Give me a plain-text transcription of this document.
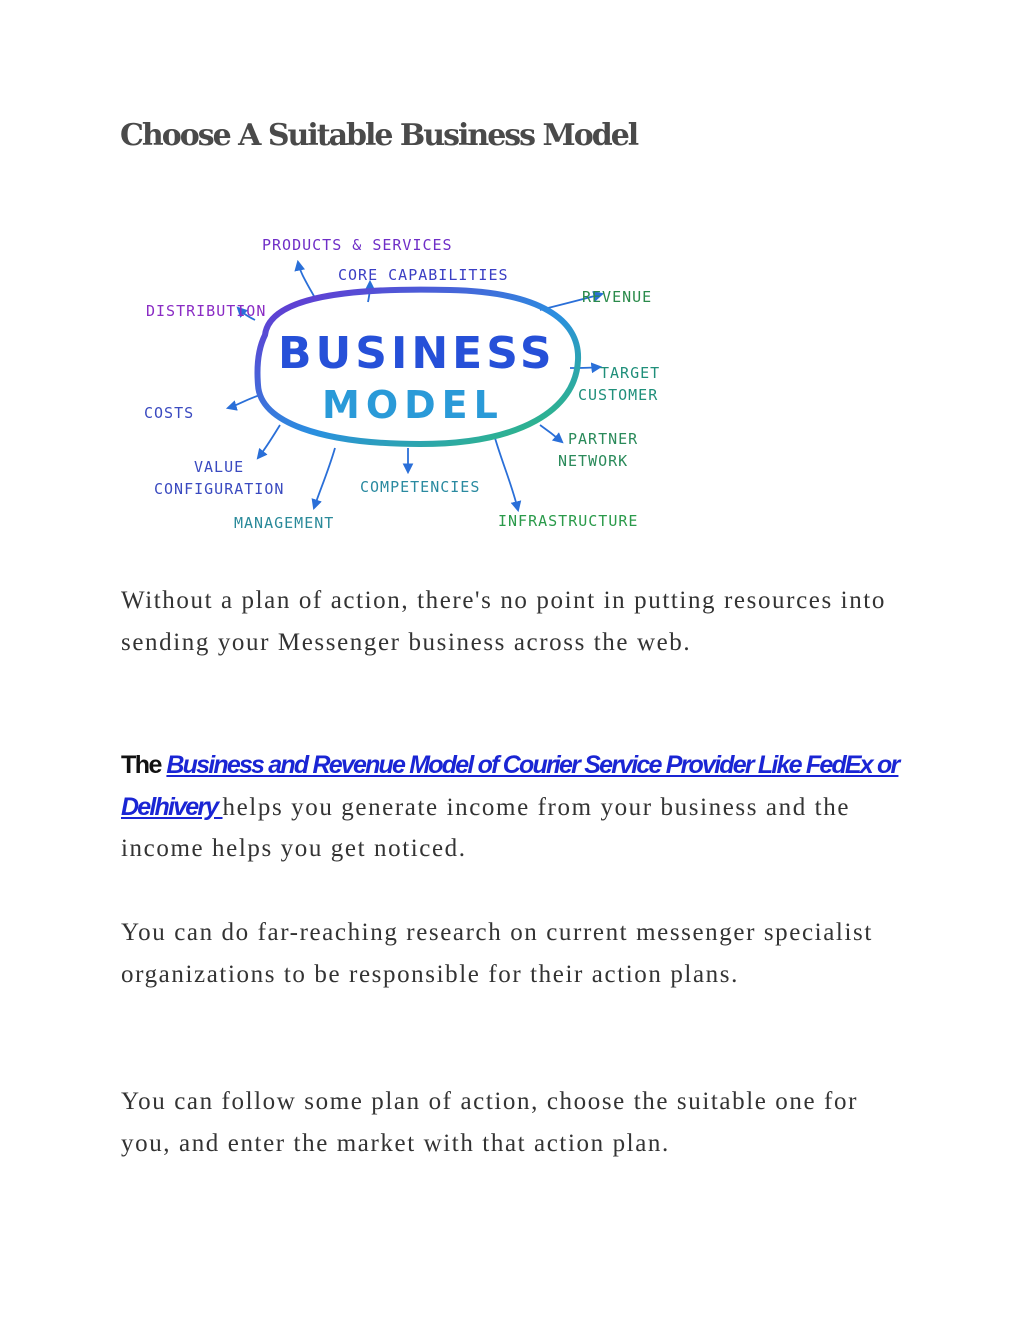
Choose A Suitable Business Model
BUSINESS
MODEL
PRODUCTS & SERVICES
CORE CAPABILITIES
DISTRIBUTION
REVENUE
TARGET
CUSTOMER
COSTS
PARTNER
NETWORK
VALUE
CONFIGURATION	COMPETENCIES
MANAGEMENT	INFRASTRUCTURE

Without a plan of action, there's no point in putting resources into sending your Messenger business across the web.

The Business and Revenue Model of Courier Service Provider Like FedEx or Delhivery helps you generate income from your business and the income helps you get noticed.

You can do far-reaching research on current messenger specialist organizations to be responsible for their action plans.

You can follow some plan of action, choose the suitable one for you, and enter the market with that action plan.
